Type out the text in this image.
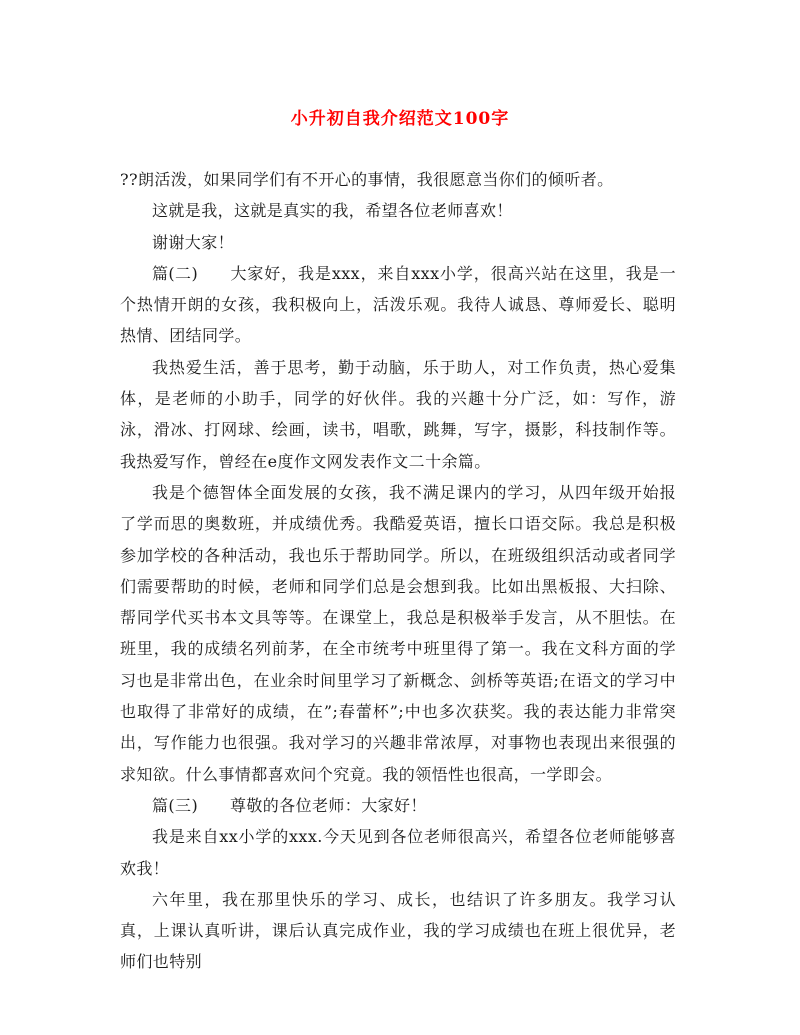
小升初自我介绍范文100字

??朗活泼，如果同学们有不开心的事情，我很愿意当你们的倾听者。

这就是我，这就是真实的我，希望各位老师喜欢！

谢谢大家！

篇(二) 大家好，我是xxx，来自xxx小学，很高兴站在这里，我是一个热情开朗的女孩，我积极向上，活泼乐观。我待人诚恳、尊师爱长、聪明热情、团结同学。

我热爱生活，善于思考，勤于动脑，乐于助人，对工作负责，热心爱集体，是老师的小助手，同学的好伙伴。我的兴趣十分广泛，如：写作，游泳，滑冰、打网球、绘画，读书，唱歌，跳舞，写字，摄影，科技制作等。我热爱写作，曾经在e度作文网发表作文二十余篇。

我是个德智体全面发展的女孩，我不满足课内的学习，从四年级开始报了学而思的奥数班，并成绩优秀。我酷爱英语，擅长口语交际。我总是积极参加学校的各种活动，我也乐于帮助同学。所以，在班级组织活动或者同学们需要帮助的时候，老师和同学们总是会想到我。比如出黑板报、大扫除、帮同学代买书本文具等等。在课堂上，我总是积极举手发言，从不胆怯。在班里，我的成绩名列前茅，在全市统考中班里得了第一。我在文科方面的学习也是非常出色，在业余时间里学习了新概念、剑桥等英语;在语文的学习中也取得了非常好的成绩，在”;春蕾杯”;中也多次获奖。我的表达能力非常突出，写作能力也很强。我对学习的兴趣非常浓厚，对事物也表现出来很强的求知欲。什么事情都喜欢问个究竟。我的领悟性也很高，一学即会。

篇(三) 尊敬的各位老师：大家好！

我是来自xx小学的xxx.今天见到各位老师很高兴，希望各位老师能够喜欢我！

六年里，我在那里快乐的学习、成长，也结识了许多朋友。我学习认真，上课认真听讲，课后认真完成作业，我的学习成绩也在班上很优异，老师们也特别
